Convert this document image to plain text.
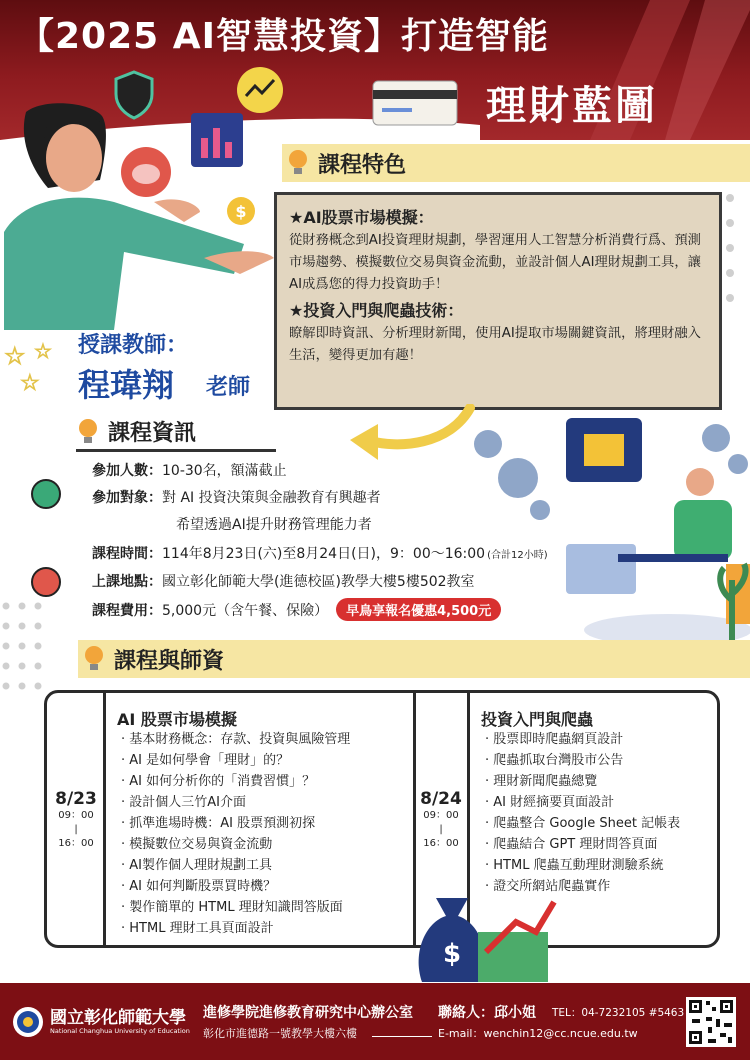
【2025 AI智慧投資】打造智能
理財藍圖
$
☆ ☆
☆
課程特色
★AI股票市場模擬：
從財務概念到AI投資理財規劃，學習運用人工智慧分析消費行爲、預測市場趨勢、模擬數位交易與資金流動，並設計個人AI理財規劃工具，讓　AI成爲您的得力投資助手！
★投資入門與爬蟲技術：
瞭解即時資訊、分析理財新聞，使用AI提取市場關鍵資訊，將理財融入生活，變得更加有趣！
授課教師：
程瑋翔 老師
課程資訊
參加人數： 10-30名，額滿截止
參加對象： 對 AI 投資決策與金融教育有興趣者
希望透過AI提升財務管理能力者
課程時間： 114年8月23日(六)至8月24日(日)，9：00～16:00 (合計12小時)
上課地點： 國立彰化師範大學(進德校區)教學大樓5樓502教室
課程費用： 5,000元（含午餐、保險）	早鳥享報名優惠4,500元
課程與師資
8/23
09：00
|
16：00
AI 股票市場模擬
· 基本財務概念：存款、投資與風險管理
· AI 是如何學會「理財」的？
· AI 如何分析你的「消費習慣」？
· 設計個人三竹AI介面
· 抓準進場時機：AI 股票預測初探
· 模擬數位交易與資金流動
· AI製作個人理財規劃工具
· AI 如何判斷股票買時機？
· 製作簡單的 HTML 理財知識問答版面
· HTML 理財工具頁面設計
8/24
09：00
|
16：00
投資入門與爬蟲
· 股票即時爬蟲網頁設計
· 爬蟲抓取台灣股市公告
· 理財新聞爬蟲總覽
· AI 財經摘要頁面設計
· 爬蟲整合 Google Sheet 記帳表
· 爬蟲結合 GPT 理財問答頁面
· HTML 爬蟲互動理財測驗系統
· 證交所網站爬蟲實作
$
國立彰化師範大學
National Changhua University of Education
進修學院進修教育研究中心辦公室 聯絡人：邱小姐 TEL：04-7232105 #5463
彰化市進德路一號教學大樓六樓	E-mail：wenchin12@cc.ncue.edu.tw
